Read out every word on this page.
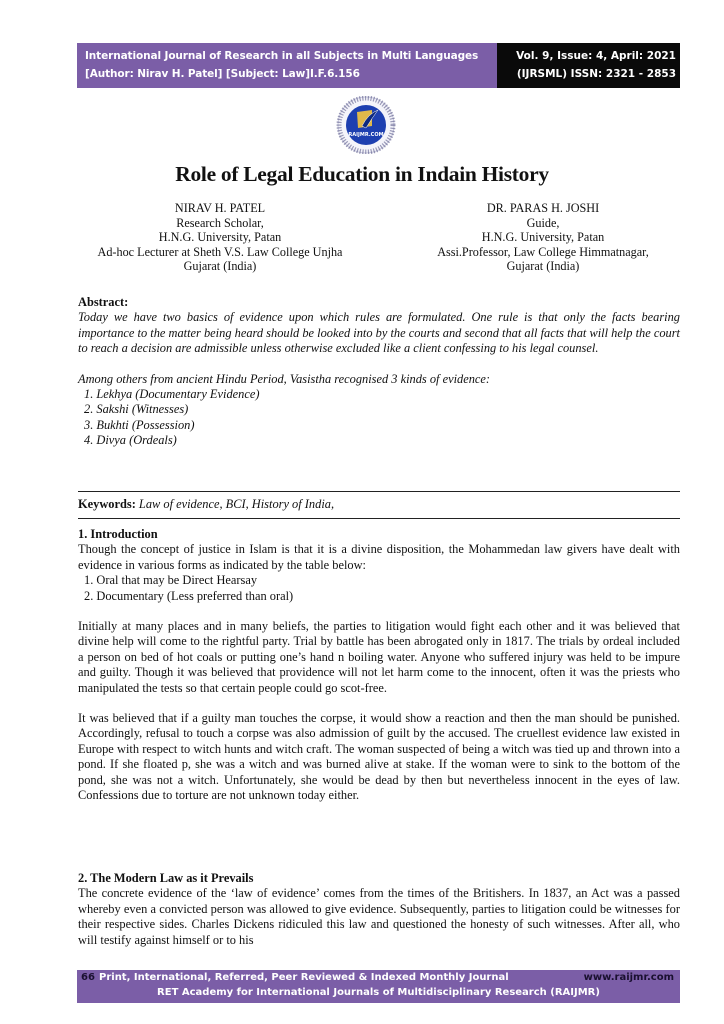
International Journal of Research in all Subjects in Multi Languages
[Author: Nirav H. Patel] [Subject: Law]I.F.6.156
Vol. 9, Issue: 4, April: 2021
(IJRSML) ISSN: 2321 - 2853
RAIJMR.COM
Role of Legal Education in Indain History
NIRAV H. PATEL
Research Scholar,
H.N.G. University, Patan
Ad-hoc Lecturer at Sheth V.S. Law College Unjha
Gujarat (India)
DR. PARAS H. JOSHI
Guide,
H.N.G. University, Patan
Assi.Professor, Law College Himmatnagar,
Gujarat (India)
Abstract:

Today we have two basics of evidence upon which rules are formulated. One rule is that only the facts bearing importance to the matter being heard should be looked into by the courts and second that all facts that will help the court to reach a decision are admissible unless otherwise excluded like a client confessing to his legal counsel.

Among others from ancient Hindu Period, Vasistha recognised 3 kinds of evidence:

1. Lekhya (Documentary Evidence)
2. Sakshi (Witnesses)
3. Bukhti (Possession)
4. Divya (Ordeals)
Keywords: Law of evidence, BCI, History of India,
1. Introduction

Though the concept of justice in Islam is that it is a divine disposition, the Mohammedan law givers have dealt with evidence in various forms as indicated by the table below:

1. Oral that may be Direct Hearsay
2. Documentary (Less preferred than oral)

Initially at many places and in many beliefs, the parties to litigation would fight each other and it was believed that divine help will come to the rightful party. Trial by battle has been abrogated only in 1817. The trials by ordeal included a person on bed of hot coals or putting one’s hand n boiling water. Anyone who suffered injury was held to be impure and guilty. Though it was believed that providence will not let harm come to the innocent, often it was the priests who manipulated the tests so that certain people could go scot-free.

It was believed that if a guilty man touches the corpse, it would show a reaction and then the man should be punished. Accordingly, refusal to touch a corpse was also admission of guilt by the accused. The cruellest evidence law existed in Europe with respect to witch hunts and witch craft. The woman suspected of being a witch was tied up and thrown into a pond. If she floated p, she was a witch and was burned alive at stake. If the woman were to sink to the bottom of the pond, she was not a witch. Unfortunately, she would be dead by then but nevertheless innocent in the eyes of law. Confessions due to torture are not unknown today either.

2. The Modern Law as it Prevails

The concrete evidence of the ‘law of evidence’ comes from the times of the Britishers. In 1837, an Act was a passed whereby even a convicted person was allowed to give evidence. Subsequently, parties to litigation could be witnesses for their respective sides. Charles Dickens ridiculed this law and questioned the honesty of such witnesses. After all, who will testify against himself or to his

66 Print, International, Referred, Peer Reviewed & Indexed Monthly Journal	www.raijmr.com
RET Academy for International Journals of Multidisciplinary Research (RAIJMR)
